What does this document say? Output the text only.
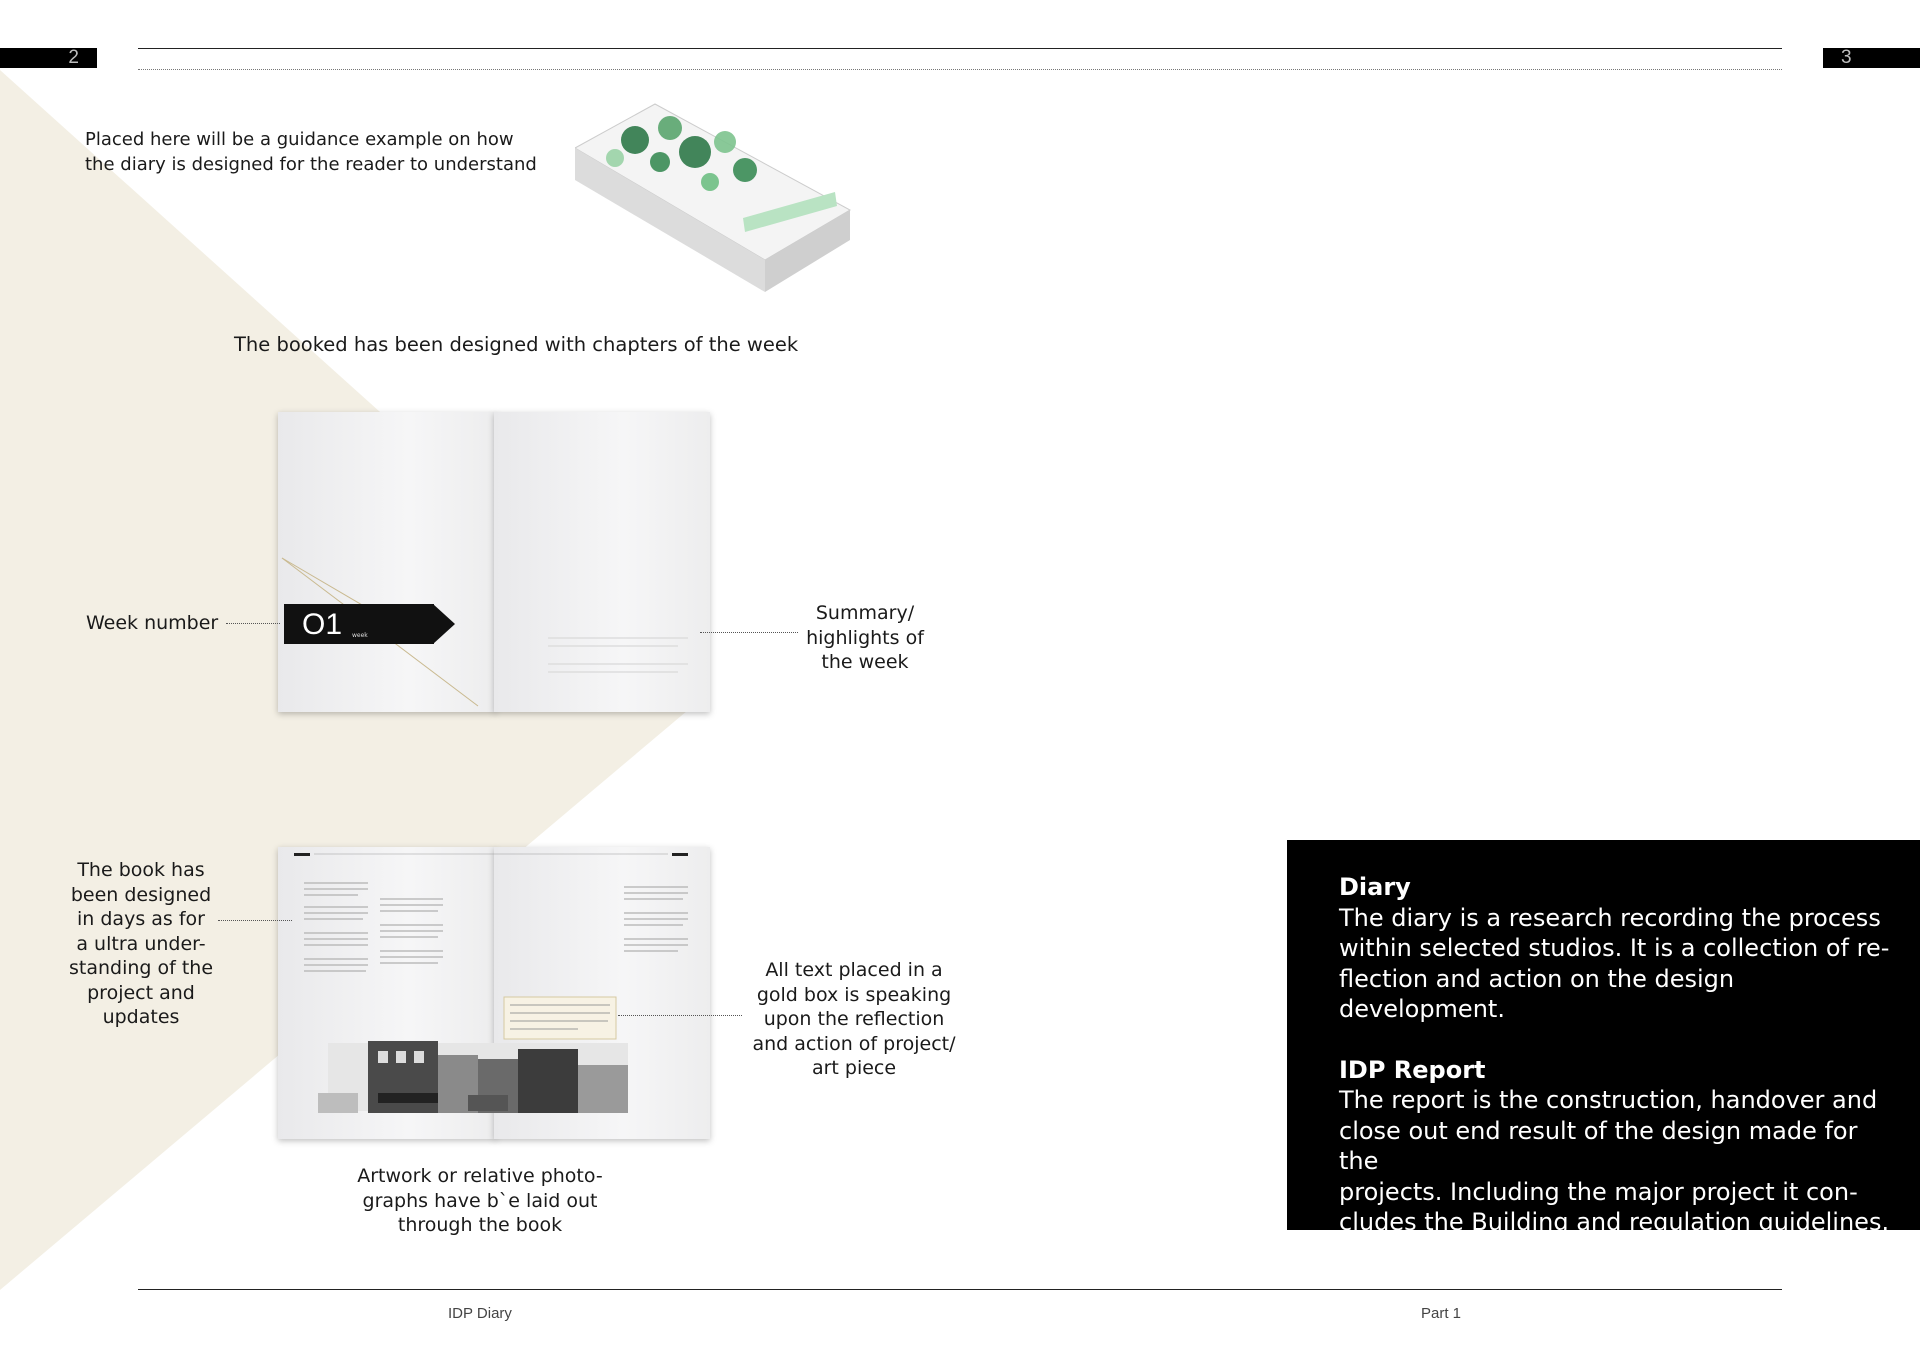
2	3
Placed here will be a guidance example on how
the diary is designed for the reader to understand
The booked has been designed with chapters of the week
O1 week
Week number	Summary/
highlights of
the week
The book has
been designed
in days as for
a ultra under-
standing of the
project and
updates
All text placed in a
gold box is speaking
upon the reflection
and action of project/
art piece
Artwork or relative photo-
graphs have b`e laid out
through the book
Diary

The diary is a research recording the process

within selected studios. It is a collection of re-

flection and action on the design development.

IDP Report

The report is the construction, handover and

close out end result of the design made for the

projects. Including the major project it con-

cludes the Building and regulation guidelines.

IDP Diary	Part 1
